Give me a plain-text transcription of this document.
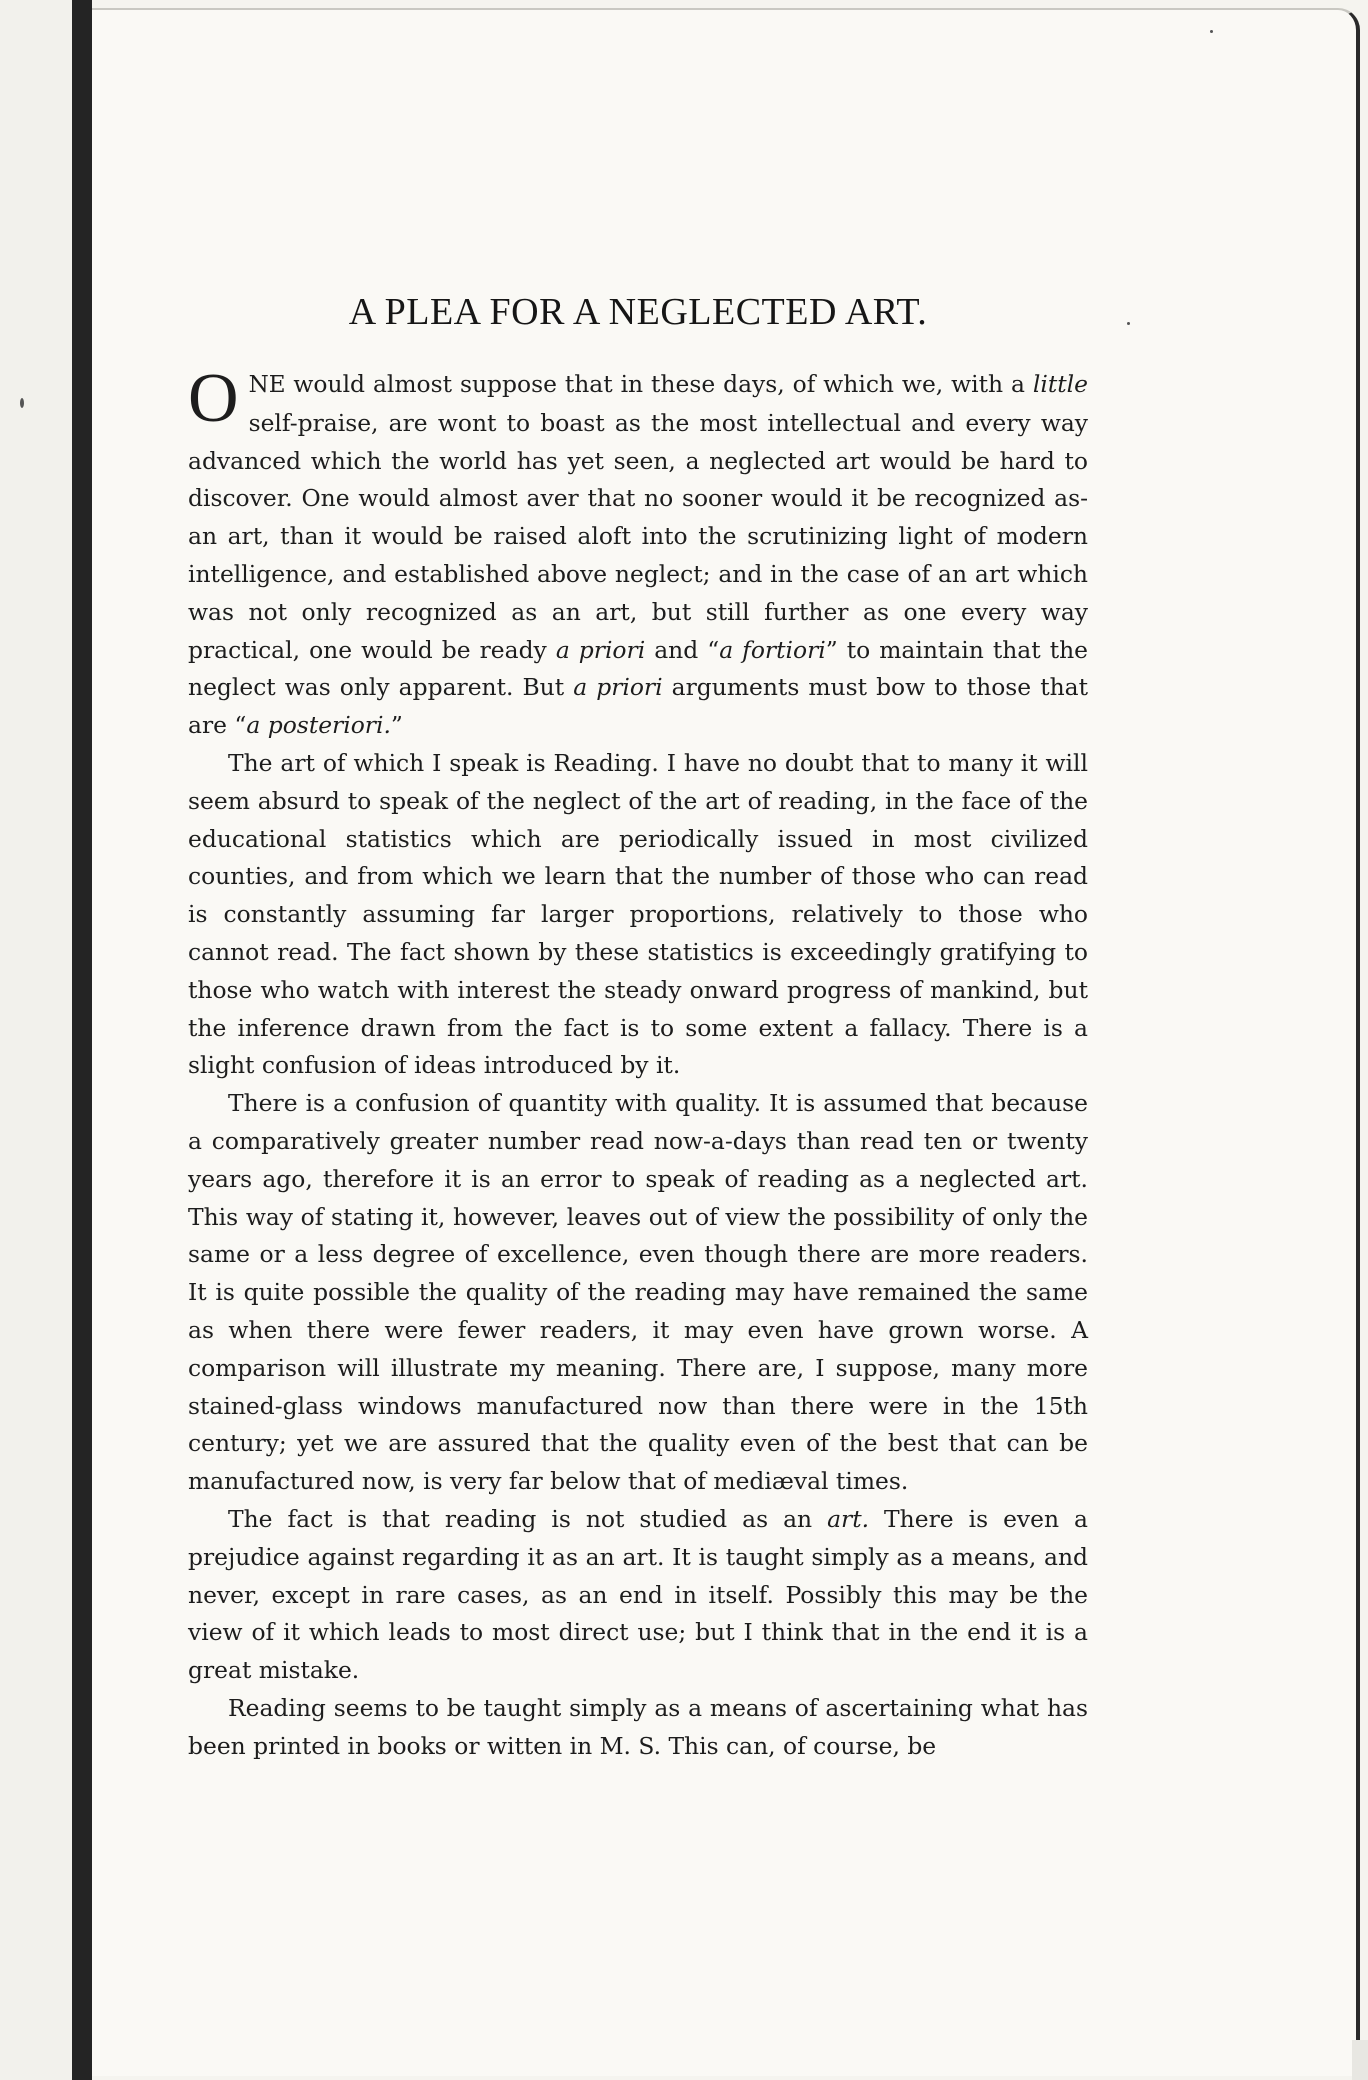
A PLEA FOR A NEGLECTED ART.

ONE would almost suppose that in these days, of which we, with a little self-praise, are wont to boast as the most intellectual and every way advanced which the world has yet seen, a neglected art would be hard to discover. One would almost aver that no sooner would it be recognized as-an art, than it would be raised aloft into the scrutinizing light of modern intelligence, and established above neglect; and in the case of an art which was not only recognized as an art, but still further as one every way practical, one would be ready a priori and “a fortiori” to maintain that the neglect was only apparent. But a priori arguments must bow to those that are “a posteriori.”

The art of which I speak is Reading. I have no doubt that to many it will seem absurd to speak of the neglect of the art of reading, in the face of the educational statistics which are periodically issued in most civilized counties, and from which we learn that the number of those who can read is constantly assuming far larger proportions, relatively to those who cannot read. The fact shown by these statistics is exceedingly gratifying to those who watch with interest the steady onward progress of mankind, but the inference drawn from the fact is to some extent a fallacy. There is a slight confusion of ideas introduced by it.

There is a confusion of quantity with quality. It is assumed that because a comparatively greater number read now-a-days than read ten or twenty years ago, therefore it is an error to speak of reading as a neglected art. This way of stating it, however, leaves out of view the possibility of only the same or a less degree of excellence, even though there are more readers. It is quite possible the quality of the reading may have remained the same as when there were fewer readers, it may even have grown worse. A comparison will illustrate my meaning. There are, I suppose, many more stained-glass windows manufactured now than there were in the 15th century; yet we are assured that the quality even of the best that can be manufactured now, is very far below that of mediæval times.

The fact is that reading is not studied as an art. There is even a prejudice against regarding it as an art. It is taught simply as a means, and never, except in rare cases, as an end in itself. Possibly this may be the view of it which leads to most direct use; but I think that in the end it is a great mistake.

Reading seems to be taught simply as a means of ascertaining what has been printed in books or witten in M. S. This can, of course, be
